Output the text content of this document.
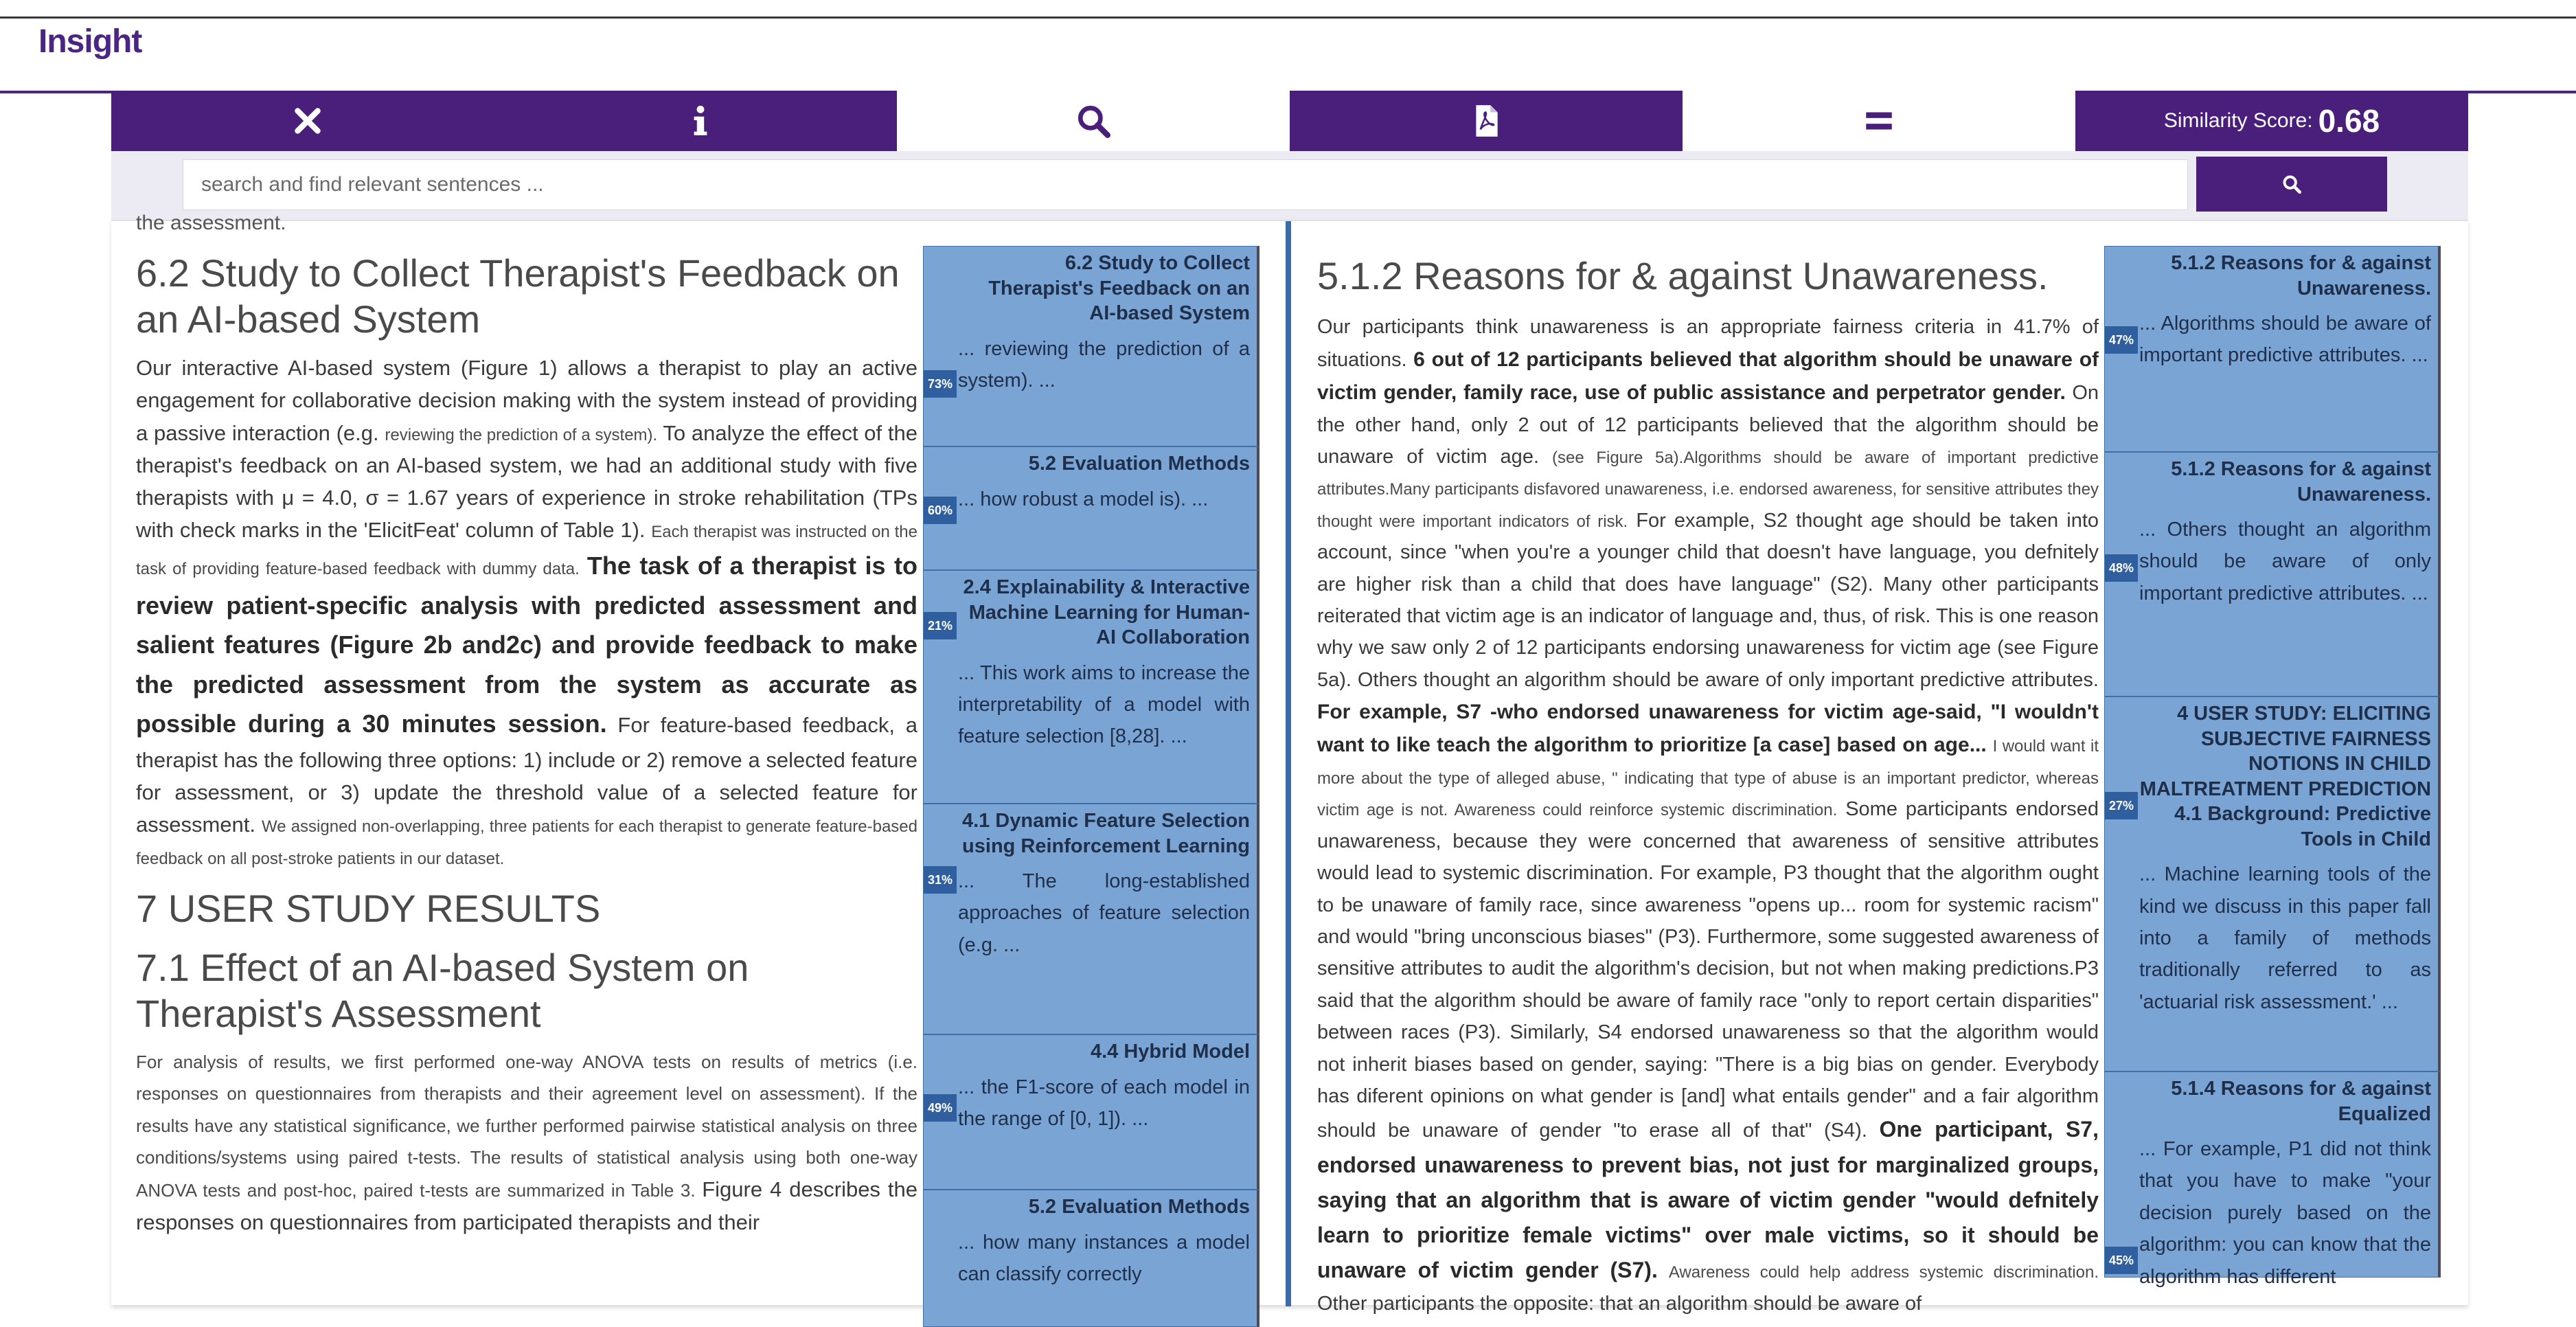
Insight
Similarity Score: 0.68
search and find relevant sentences ...
the assessment.
6.2 Study to Collect Therapist's Feedback on an AI-based System

Our interactive AI-based system (Figure 1) allows a therapist to play an active engagement for collaborative decision making with the system instead of providing a passive interaction (e.g. reviewing the prediction of a system). To analyze the effect of the therapist's feedback on an AI-based system, we had an additional study with five therapists with μ = 4.0, σ = 1.67 years of experience in stroke rehabilitation (TPs with check marks in the 'ElicitFeat' column of Table 1). Each therapist was instructed on the task of providing feature-based feedback with dummy data. The task of a therapist is to review patient-specific analysis with predicted assessment and salient features (Figure 2b and2c) and provide feedback to make the predicted assessment from the system as accurate as possible during a 30 minutes session. For feature-based feedback, a therapist has the following three options: 1) include or 2) remove a selected feature for assessment, or 3) update the threshold value of a selected feature for assessment. We assigned non-overlapping, three patients for each therapist to generate feature-based feedback on all post-stroke patients in our dataset.

7 USER STUDY RESULTS
7.1 Effect of an AI-based System on Therapist's Assessment

For analysis of results, we first performed one-way ANOVA tests on results of metrics (i.e. responses on questionnaires from therapists and their agreement level on assessment). If the results have any statistical significance, we further performed pairwise statistical analysis on three conditions/systems using paired t-tests. The results of statistical analysis using both one-way ANOVA tests and post-hoc, paired t-tests are summarized in Table 3. Figure 4 describes the responses on questionnaires from participated therapists and their

6.2 Study to Collect Therapist's Feedback on an AI-based System
73%

... reviewing the prediction of a system). ...

5.2 Evaluation Methods
60% ... how robust a model is). ...

2.4 Explainability & Interactive Machine Learning for Human-AI Collaboration
21%

... This work aims to increase the interpretability of a model with feature selection [8,28]. ...

4.1 Dynamic Feature Selection using Reinforcement Learning
31% ... The long-established approaches of feature selection (e.g. ...

4.4 Hybrid Model
49%

... the F1-score of each model in the range of [0, 1]). ...

5.2 Evaluation Methods

... how many instances a model can classify correctly

5.1.2 Reasons for & against Unawareness.

Our participants think unawareness is an appropriate fairness criteria in 41.7% of situations. 6 out of 12 participants believed that algorithm should be unaware of victim gender, family race, use of public assistance and perpetrator gender. On the other hand, only 2 out of 12 participants believed that the algorithm should be unaware of victim age. (see Figure 5a).Algorithms should be aware of important predictive attributes.Many participants disfavored unawareness, i.e. endorsed awareness, for sensitive attributes they thought were important indicators of risk. For example, S2 thought age should be taken into account, since "when you're a younger child that doesn't have language, you defnitely are higher risk than a child that does have language" (S2). Many other participants reiterated that victim age is an indicator of language and, thus, of risk. This is one reason why we saw only 2 of 12 participants endorsing unawareness for victim age (see Figure 5a). Others thought an algorithm should be aware of only important predictive attributes. For example, S7 -who endorsed unawareness for victim age-said, "I wouldn't want to like teach the algorithm to prioritize [a case] based on age... I would want it more about the type of alleged abuse, " indicating that type of abuse is an important predictor, whereas victim age is not. Awareness could reinforce systemic discrimination. Some participants endorsed unawareness, because they were concerned that awareness of sensitive attributes would lead to systemic discrimination. For example, P3 thought that the algorithm ought to be unaware of family race, since awareness "opens up... room for systemic racism" and would "bring unconscious biases" (P3). Furthermore, some suggested awareness of sensitive attributes to audit the algorithm's decision, but not when making predictions.P3 said that the algorithm should be aware of family race "only to report certain disparities" between races (P3). Similarly, S4 endorsed unawareness so that the algorithm would not inherit biases based on gender, saying: "There is a big bias on gender. Everybody has diferent opinions on what gender is [and] what entails gender" and a fair algorithm should be unaware of gender "to erase all of that" (S4). One participant, S7, endorsed unawareness to prevent bias, not just for marginalized groups, saying that an algorithm that is aware of victim gender "would defnitely learn to prioritize female victims" over male victims, so it should be unaware of victim gender (S7). Awareness could help address systemic discrimination. Other participants the opposite: that an algorithm should be aware of

5.1.2 Reasons for & against Unawareness.
47%

... Algorithms should be aware of important predictive attributes. ...

5.1.2 Reasons for & against Unawareness.
48%

... Others thought an algorithm should be aware of only important predictive attributes. ...

4 USER STUDY: ELICITING SUBJECTIVE FAIRNESS NOTIONS IN CHILD MALTREATMENT PREDICTION 4.1 Background: Predictive Tools in Child
27%

... Machine learning tools of the kind we discuss in this paper fall into a family of methods traditionally referred to as 'actuarial risk assessment.' ...

5.1.4 Reasons for & against Equalized
45%

... For example, P1 did not think that you have to make "your decision purely based on the algorithm: you can know that the algorithm has different
